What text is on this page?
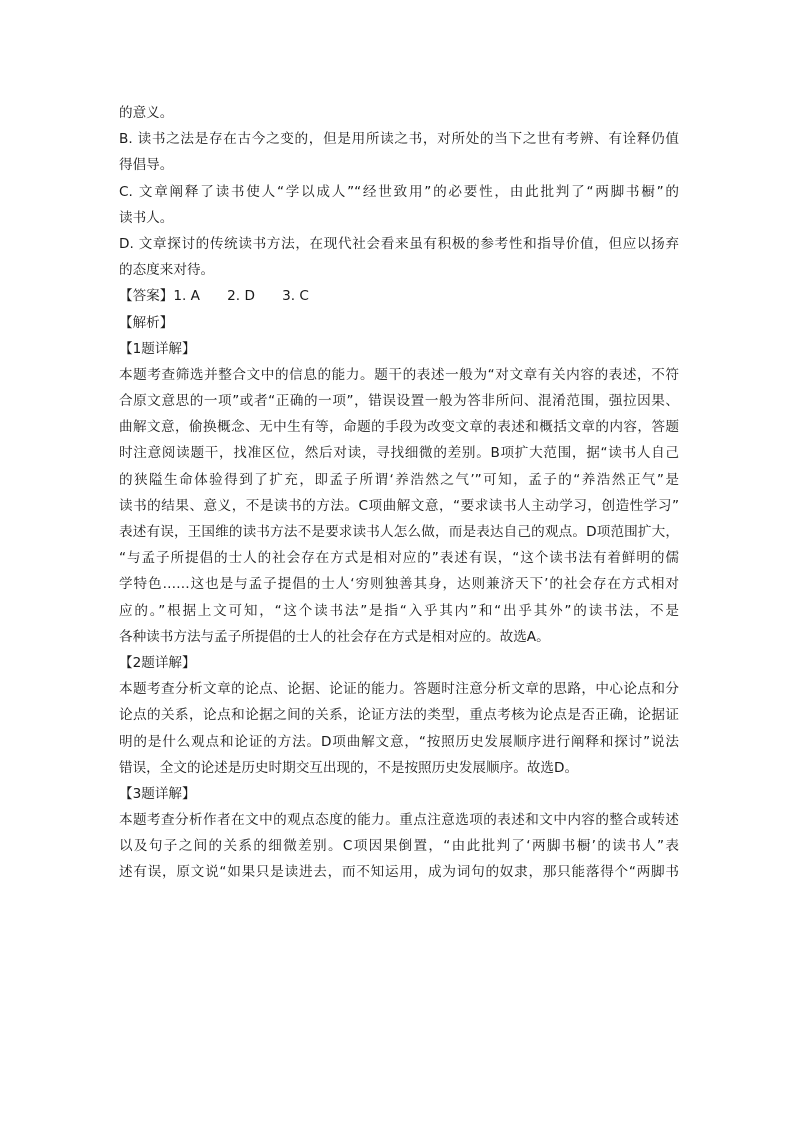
的意义。
B. 读书之法是存在古今之变的，但是用所读之书，对所处的当下之世有考辨、有诠释仍值
得倡导。
C. 文章阐释了读书使人“学以成人”“经世致用”的必要性，由此批判了“两脚书橱”的
读书人。
D. 文章探讨的传统读书方法，在现代社会看来虽有积极的参考性和指导价值，但应以扬弃
的态度来对待。
【答案】1. A　　2. D　　3. C
【解析】
【1题详解】
本题考查筛选并整合文中的信息的能力。题干的表述一般为“对文章有关内容的表述，不符
合原文意思的一项”或者“正确的一项”，错误设置一般为答非所问、混淆范围，强拉因果、
曲解文意，偷换概念、无中生有等，命题的手段为改变文章的表述和概括文章的内容，答题
时注意阅读题干，找准区位，然后对读，寻找细微的差别。B项扩大范围，据“读书人自己
的狭隘生命体验得到了扩充，即孟子所谓‘养浩然之气’”可知，孟子的“养浩然正气”是
读书的结果、意义，不是读书的方法。C项曲解文意，“要求读书人主动学习，创造性学习”
表述有误，王国维的读书方法不是要求读书人怎么做，而是表达自己的观点。D项范围扩大，
“与孟子所提倡的士人的社会存在方式是相对应的”表述有误，“这个读书法有着鲜明的儒
学特色……这也是与孟子提倡的士人‘穷则独善其身，达则兼济天下’的社会存在方式相对
应的。”根据上文可知，“这个读书法”是指“入乎其内”和“出乎其外”的读书法，不是
各种读书方法与孟子所提倡的士人的社会存在方式是相对应的。故选A。
【2题详解】
本题考查分析文章的论点、论据、论证的能力。答题时注意分析文章的思路，中心论点和分
论点的关系，论点和论据之间的关系，论证方法的类型，重点考核为论点是否正确，论据证
明的是什么观点和论证的方法。D项曲解文意，“按照历史发展顺序进行阐释和探讨”说法
错误，全文的论述是历史时期交互出现的，不是按照历史发展顺序。故选D。
【3题详解】
本题考查分析作者在文中的观点态度的能力。重点注意选项的表述和文中内容的整合或转述
以及句子之间的关系的细微差别。C项因果倒置，“由此批判了‘两脚书橱’的读书人”表
述有误，原文说“如果只是读进去，而不知运用，成为词句的奴隶，那只能落得个“两脚书
